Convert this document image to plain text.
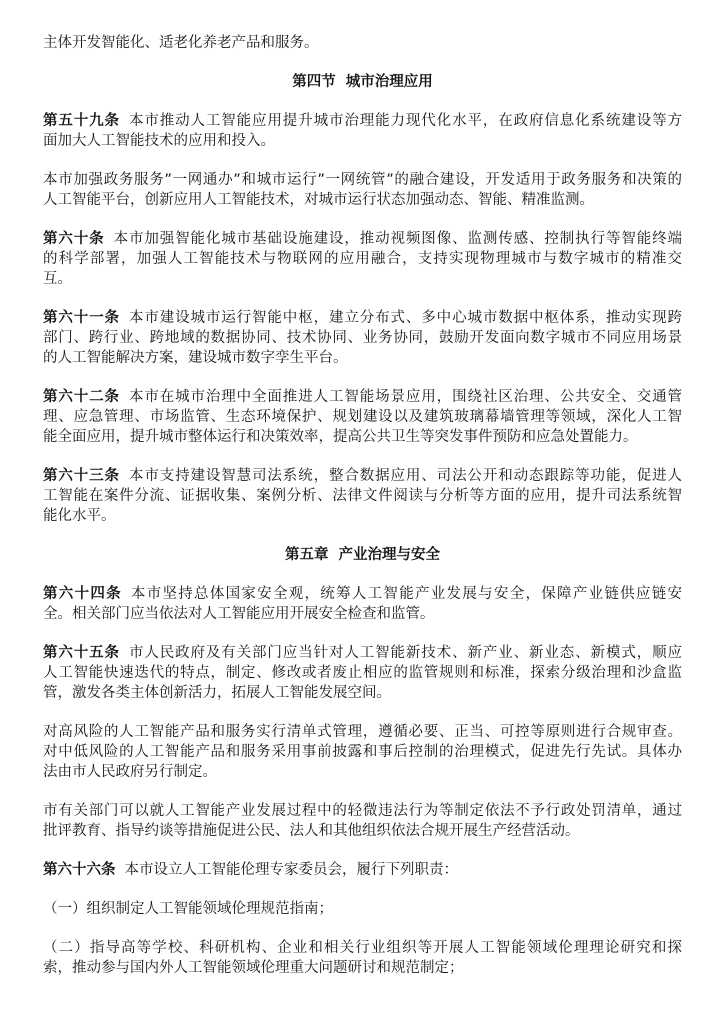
主体开发智能化、适老化养老产品和服务。
第四节 城市治理应用
第五十九条 本市推动人工智能应用提升城市治理能力现代化水平，在政府信息化系统建设等方
面加大人工智能技术的应用和投入。
本市加强政务服务”一网通办”和城市运行”一网统管”的融合建设，开发适用于政务服务和决策的
人工智能平台，创新应用人工智能技术，对城市运行状态加强动态、智能、精准监测。
第六十条 本市加强智能化城市基础设施建设，推动视频图像、监测传感、控制执行等智能终端
的科学部署，加强人工智能技术与物联网的应用融合，支持实现物理城市与数字城市的精准交
互。
第六十一条 本市建设城市运行智能中枢，建立分布式、多中心城市数据中枢体系，推动实现跨
部门、跨行业、跨地域的数据协同、技术协同、业务协同，鼓励开发面向数字城市不同应用场景
的人工智能解决方案，建设城市数字孪生平台。
第六十二条 本市在城市治理中全面推进人工智能场景应用，围绕社区治理、公共安全、交通管
理、应急管理、市场监管、生态环境保护、规划建设以及建筑玻璃幕墙管理等领域，深化人工智
能全面应用，提升城市整体运行和决策效率，提高公共卫生等突发事件预防和应急处置能力。
第六十三条 本市支持建设智慧司法系统，整合数据应用、司法公开和动态跟踪等功能，促进人
工智能在案件分流、证据收集、案例分析、法律文件阅读与分析等方面的应用，提升司法系统智
能化水平。
第五章 产业治理与安全
第六十四条 本市坚持总体国家安全观，统筹人工智能产业发展与安全，保障产业链供应链安
全。相关部门应当依法对人工智能应用开展安全检查和监管。
第六十五条 市人民政府及有关部门应当针对人工智能新技术、新产业、新业态、新模式，顺应
人工智能快速迭代的特点，制定、修改或者废止相应的监管规则和标准，探索分级治理和沙盒监
管，激发各类主体创新活力，拓展人工智能发展空间。
对高风险的人工智能产品和服务实行清单式管理，遵循必要、正当、可控等原则进行合规审查。
对中低风险的人工智能产品和服务采用事前披露和事后控制的治理模式，促进先行先试。具体办
法由市人民政府另行制定。
市有关部门可以就人工智能产业发展过程中的轻微违法行为等制定依法不予行政处罚清单，通过
批评教育、指导约谈等措施促进公民、法人和其他组织依法合规开展生产经营活动。
第六十六条 本市设立人工智能伦理专家委员会，履行下列职责：
（一）组织制定人工智能领域伦理规范指南；
（二）指导高等学校、科研机构、企业和相关行业组织等开展人工智能领域伦理理论研究和探
索，推动参与国内外人工智能领域伦理重大问题研讨和规范制定；
